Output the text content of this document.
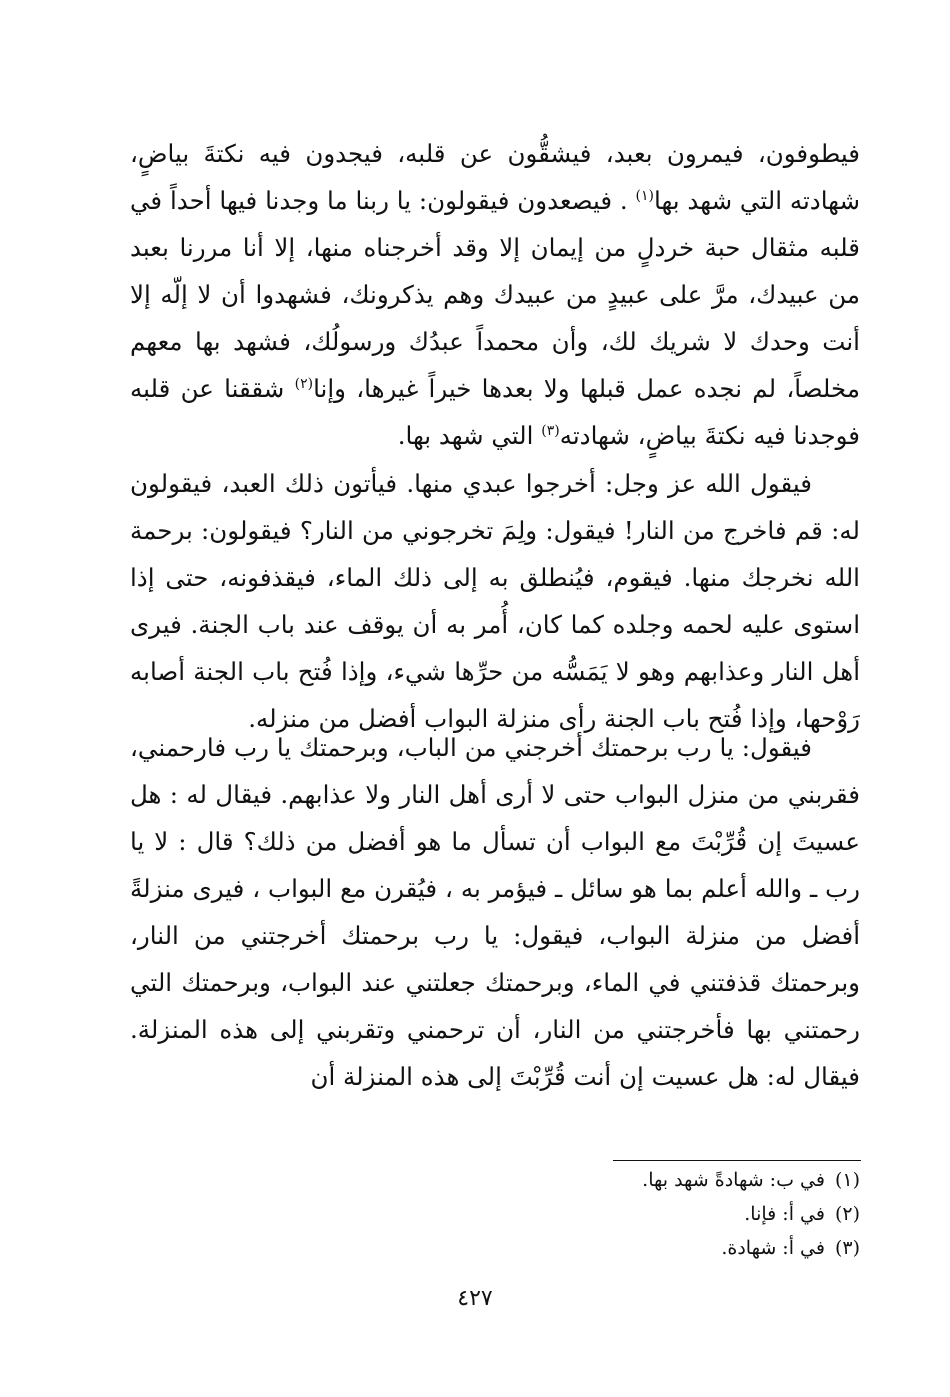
فيطوفون، فيمرون بعبد، فيشقُّون عن قلبه، فيجدون فيه نكتةَ بياضٍ، شهادته التي شهد بها$^{(١)}$ . فيصعدون فيقولون: يا ربنا ما وجدنا فيها أحداً في قلبه مثقال حبة خردلٍ من إيمان إلا وقد أخرجناه منها، إلا أنا مررنا بعبد من عبيدك، مرَّ على عبيدٍ من عبيدك وهم يذكرونك، فشهدوا أن لا إلّه إلا أنت وحدك لا شريك لك، وأن محمداً عبدُك ورسولُك، فشهد بها معهم مخلصاً، لم نجده عمل قبلها ولا بعدها خيراً غيرها، وإنا$^{(٢)}$ شققنا عن قلبه فوجدنا فيه نكتةَ بياضٍ، شهادته$^{(٣)}$ التي شهد بها.

فيقول الله عز وجل: أخرجوا عبدي منها. فيأتون ذلك العبد، فيقولون له: قم فاخرج من النار! فيقول: ولِمَ تخرجوني من النار؟ فيقولون: برحمة الله نخرجك منها. فيقوم، فيُنطلق به إلى ذلك الماء، فيقذفونه، حتى إذا استوى عليه لحمه وجلده كما كان، أُمر به أن يوقف عند باب الجنة. فيرى أهل النار وعذابهم وهو لا يَمَسُّه من حرِّها شيء، وإذا فُتح باب الجنة أصابه رَوْحها، وإذا فُتح باب الجنة رأى منزلة البواب أفضل من منزله.

فيقول: يا رب برحمتك أخرجني من الباب، وبرحمتك يا رب فارحمني، فقربني من منزل البواب حتى لا أرى أهل النار ولا عذابهم. فيقال له : هل عسيتَ إن قُرِّبْتَ مع البواب أن تسأل ما هو أفضل من ذلك؟ قال : لا يا رب ـ والله أعلم بما هو سائل ـ فيؤمر به ، فيُقرن مع البواب ، فيرى منزلةً أفضل من منزلة البواب، فيقول: يا رب برحمتك أخرجتني من النار، وبرحمتك قذفتني في الماء، وبرحمتك جعلتني عند البواب، وبرحمتك التي رحمتني بها فأخرجتني من النار، أن ترحمني وتقربني إلى هذه المنزلة. فيقال له: هل عسيت إن أنت قُرِّبْتَ إلى هذه المنزلة أن

(١)في ب: شهادةً شهد بها.
(٢)في أ: فإنا.
(٣)في أ: شهادة.
٤٢٧
